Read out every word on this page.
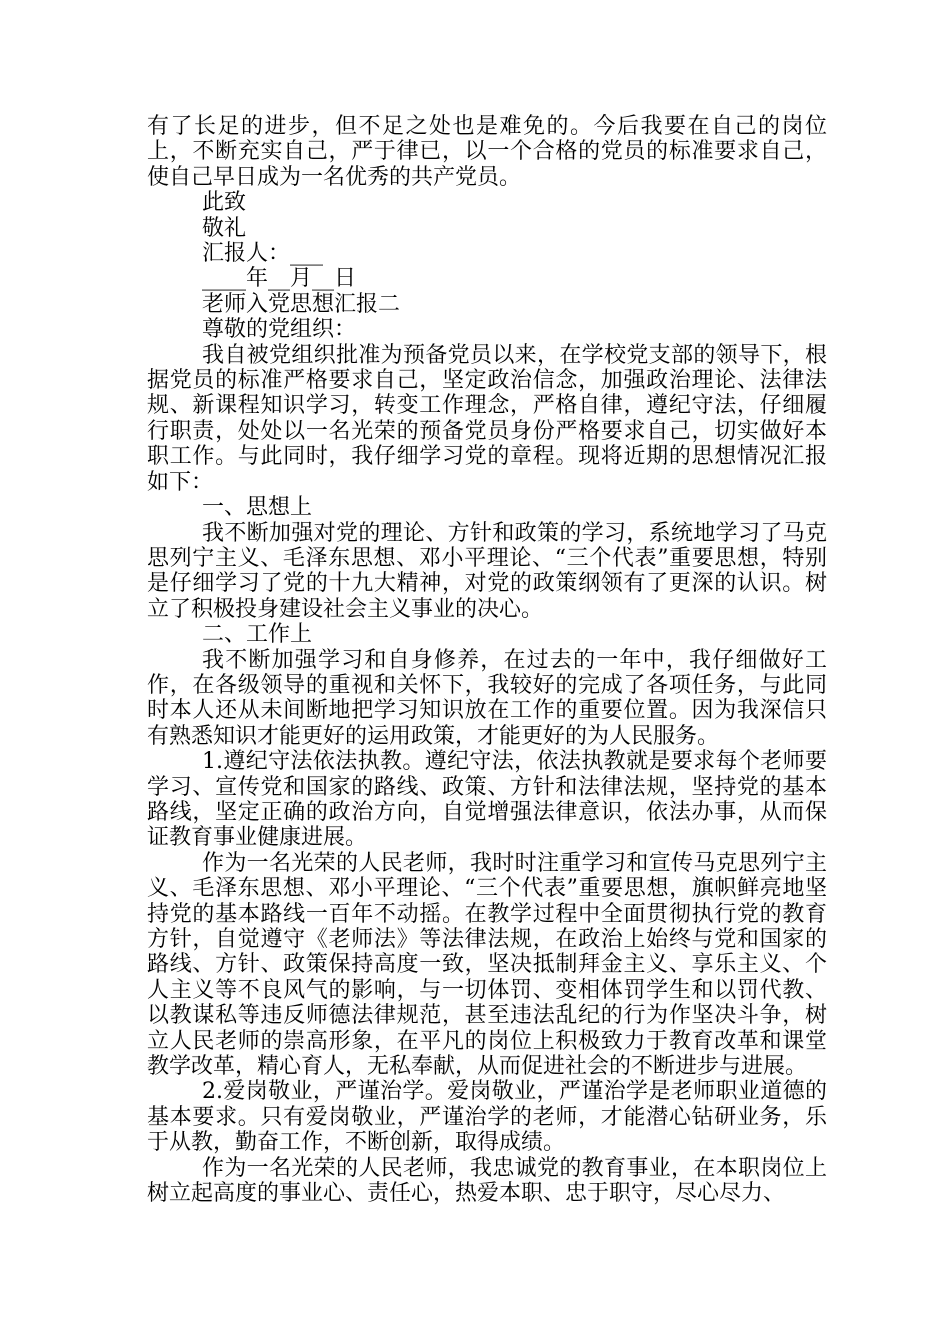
有了长足的进步，但不足之处也是难免的。今后我要在自己的岗位上，不断充实自己，严于律已，以一个合格的党员的标准要求自己，使自己早日成为一名优秀的共产党员。

此致

敬礼

汇报人：___

____年__月__日

老师入党思想汇报二

尊敬的党组织：

我自被党组织批准为预备党员以来，在学校党支部的领导下，根据党员的标准严格要求自己，坚定政治信念，加强政治理论、法律法规、新课程知识学习，转变工作理念，严格自律，遵纪守法，仔细履行职责，处处以一名光荣的预备党员身份严格要求自己，切实做好本职工作。与此同时，我仔细学习党的章程。现将近期的思想情况汇报如下：

一、思想上

我不断加强对党的理论、方针和政策的学习，系统地学习了马克思列宁主义、毛泽东思想、邓小平理论、“三个代表”重要思想，特别是仔细学习了党的十九大精神，对党的政策纲领有了更深的认识。树立了积极投身建设社会主义事业的决心。

二、工作上

我不断加强学习和自身修养，在过去的一年中，我仔细做好工作，在各级领导的重视和关怀下，我较好的完成了各项任务，与此同时本人还从未间断地把学习知识放在工作的重要位置。因为我深信只有熟悉知识才能更好的运用政策，才能更好的为人民服务。

1.遵纪守法依法执教。遵纪守法，依法执教就是要求每个老师要学习、宣传党和国家的路线、政策、方针和法律法规，坚持党的基本路线，坚定正确的政治方向，自觉增强法律意识，依法办事，从而保证教育事业健康进展。

作为一名光荣的人民老师，我时时注重学习和宣传马克思列宁主义、毛泽东思想、邓小平理论、“三个代表”重要思想，旗帜鲜亮地坚持党的基本路线一百年不动摇。在教学过程中全面贯彻执行党的教育方针，自觉遵守《老师法》等法律法规，在政治上始终与党和国家的路线、方针、政策保持高度一致，坚决抵制拜金主义、享乐主义、个人主义等不良风气的影响，与一切体罚、变相体罚学生和以罚代教、以教谋私等违反师德法律规范，甚至违法乱纪的行为作坚决斗争，树立人民老师的崇高形象，在平凡的岗位上积极致力于教育改革和课堂教学改革，精心育人，无私奉献，从而促进社会的不断进步与进展。

2.爱岗敬业，严谨治学。爱岗敬业，严谨治学是老师职业道德的基本要求。只有爱岗敬业，严谨治学的老师，才能潜心钻研业务，乐于从教，勤奋工作，不断创新，取得成绩。

作为一名光荣的人民老师，我忠诚党的教育事业，在本职岗位上树立起高度的事业心、责任心，热爱本职、忠于职守，尽心尽力、
